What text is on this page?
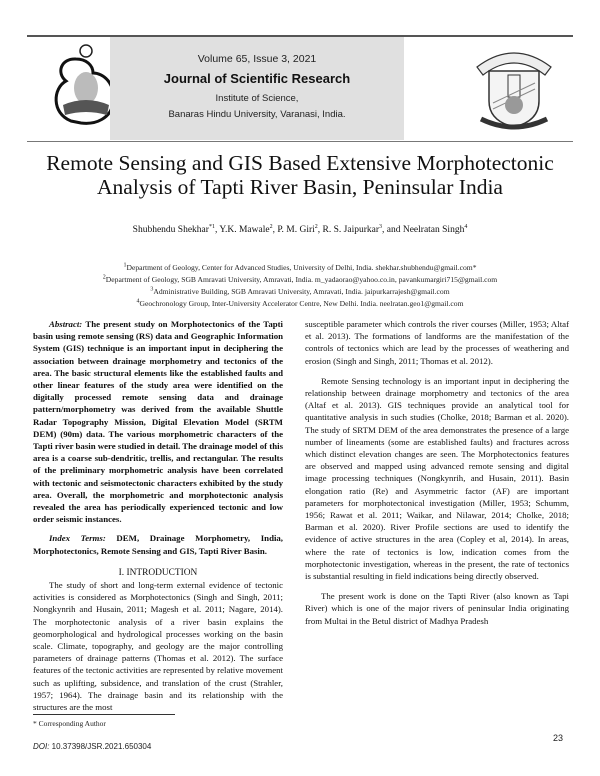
Volume 65, Issue 3, 2021
Journal of Scientific Research
Institute of Science,
Banaras Hindu University, Varanasi, India.
Remote Sensing and GIS Based Extensive Morphotectonic Analysis of Tapti River Basin, Peninsular India
Shubhendu Shekhar$^{*1}$, Y.K. Mawale$^2$, P. M. Giri$^2$, R. S. Jaipurkar$^3$, and Neelratan Singh$^4$
$^1$Department of Geology, Center for Advanced Studies, University of Delhi, India. shekhar.shubhendu@gmail.com*
$^2$Department of Geology, SGB Amravati University, Amravati, India. m_yadaorao@yahoo.co.in, pavankumargiri715@gmail.com
$^3$Administrative Building, SGB Amravati University, Amravati, India. jaipurkarrajesh@gmail.com
$^4$Geochronology Group, Inter-University Accelerator Centre, New Delhi. India. neelratan.geo1@gmail.com

Abstract: The present study on Morphotectonics of the Tapti basin using remote sensing (RS) data and Geographic Information System (GIS) technique is an important input in deciphering the association between drainage morphometry and tectonics of the area. The basic structural elements like the established faults and other linear features of the study area were identified on the digitally processed remote sensing data and drainage pattern/morphometry was derived from the available Shuttle Radar Topography Mission, Digital Elevation Model (SRTM DEM) (90m) data. The various morphometric characters of the Tapti river basin were studied in detail. The drainage model of this area is a coarse sub-dendritic, trellis, and rectangular. The results of the preliminary morphometric analysis have been correlated with tectonic and seismotectonic characters exhibited by the study area. Overall, the morphometric and morphotectonic analysis revealed the area has periodically experienced tectonic and low order seismic instances.

Index Terms: DEM, Drainage Morphometry, India, Morphotectonics, Remote Sensing and GIS, Tapti River Basin.

I. INTRODUCTION

The study of short and long-term external evidence of tectonic activities is considered as Morphotectonics (Singh and Singh, 2011; Nongkynrih and Husain, 2011; Magesh et al. 2011; Nagare, 2014). The morphotectonic analysis of a river basin explains the geomorphological and hydrological processes working on the basin scale. Climate, topography, and geology are the major controlling parameters of drainage patterns (Thomas et al. 2012). The surface features of the tectonic activities are represented by relative movement such as uplifting, subsidence, and translation of the crust (Strahler, 1957; 1964). The drainage basin and its relationship with the structures are the most

susceptible parameter which controls the river courses (Miller, 1953; Altaf et al. 2013). The formations of landforms are the manifestation of the controls of tectonics which are lead by the processes of weathering and erosion (Singh and Singh, 2011; Thomas et al. 2012).

Remote Sensing technology is an important input in deciphering the relationship between drainage morphometry and tectonics of the area (Altaf et al. 2013). GIS techniques provide an analytical tool for quantitative analysis in such studies (Cholke, 2018; Barman et al. 2020). The study of SRTM DEM of the area demonstrates the presence of a large number of lineaments (some are established faults) and fractures across which distinct elevation changes are seen. The Morphotectonics features are observed and mapped using advanced remote sensing and digital image processing techniques (Nongkynrih, and Husain, 2011). Basin elongation ratio (Re) and Asymmetric factor (AF) are important parameters for morphotectonical investigation (Miller, 1953; Schumm, 1956; Rawat et al. 2011; Waikar, and Nilawar, 2014; Cholke, 2018; Barman et al. 2020). River Profile sections are used to identify the evidence of active structures in the area (Copley et al, 2014). In areas, where the rate of tectonics is low, indication comes from the morphotectonic investigation, whereas in the present, the rate of tectonics is substantial resulting in field indications being directly observed.

The present work is done on the Tapti River (also known as Tapi River) which is one of the major rivers of peninsular India originating from Multai in the Betul district of Madhya Pradesh

* Corresponding Author
DOI: 10.37398/JSR.2021.650304
23
